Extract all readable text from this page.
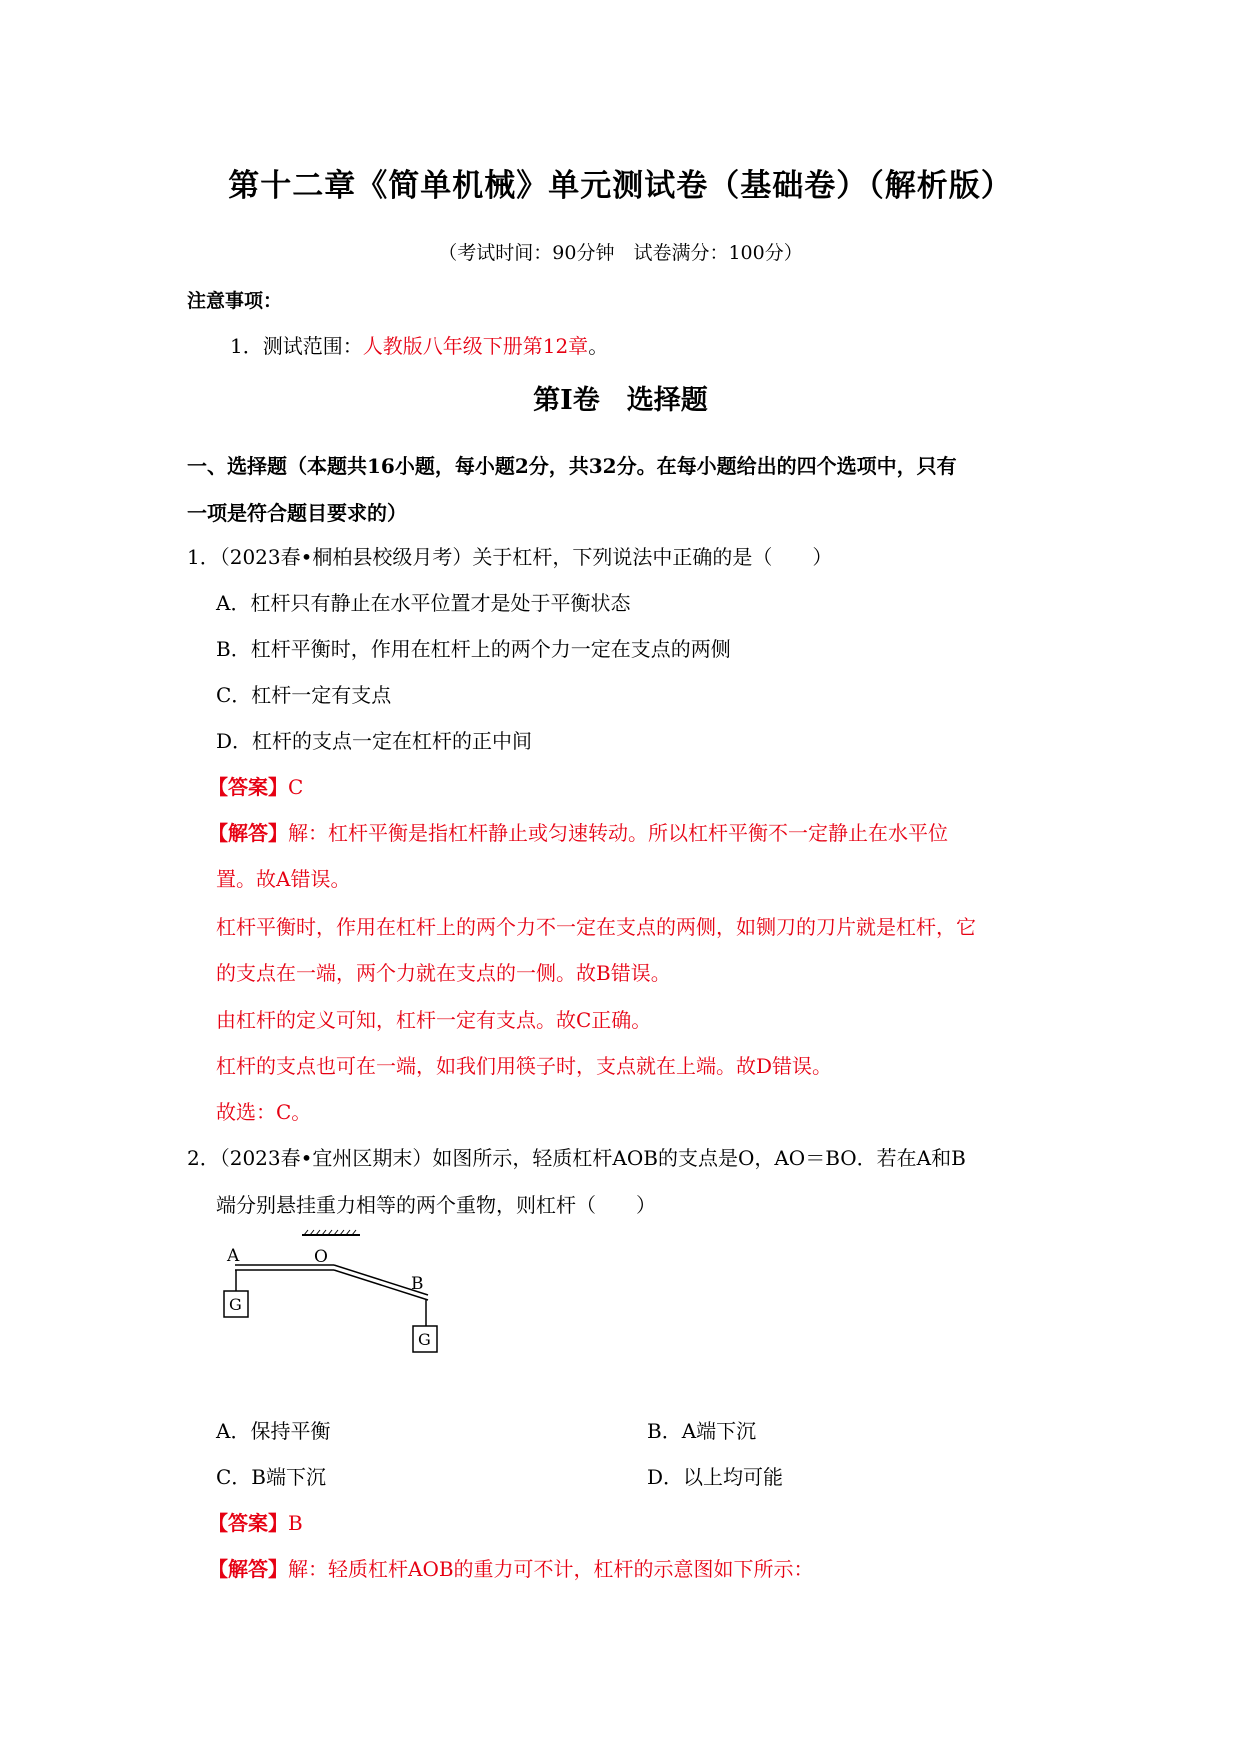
第十二章《简单机械》单元测试卷（基础卷）（解析版）
（考试时间：90分钟　试卷满分：100分）
注意事项：
1．测试范围：人教版八年级下册第12章。
第Ⅰ卷　选择题
一、选择题（本题共16小题，每小题2分，共32分。在每小题给出的四个选项中，只有
一项是符合题目要求的）
1．（2023春•桐柏县校级月考）关于杠杆，下列说法中正确的是（　　）
A．杠杆只有静止在水平位置才是处于平衡状态
B．杠杆平衡时，作用在杠杆上的两个力一定在支点的两侧
C．杠杆一定有支点
D．杠杆的支点一定在杠杆的正中间
【答案】C
【解答】解：杠杆平衡是指杠杆静止或匀速转动。所以杠杆平衡不一定静止在水平位
置。故A错误。
杠杆平衡时，作用在杠杆上的两个力不一定在支点的两侧，如铡刀的刀片就是杠杆，它
的支点在一端，两个力就在支点的一侧。故B错误。
由杠杆的定义可知，杠杆一定有支点。故C正确。
杠杆的支点也可在一端，如我们用筷子时，支点就在上端。故D错误。
故选：C。
2．（2023春•宜州区期末）如图所示，轻质杠杆AOB的支点是O，AO＝BO．若在A和B
端分别悬挂重力相等的两个重物，则杠杆（　　）
A	O
B
G
G
A．保持平衡	B．A端下沉
C．B端下沉	D．以上均可能
【答案】B
【解答】解：轻质杠杆AOB的重力可不计，杠杆的示意图如下所示：
